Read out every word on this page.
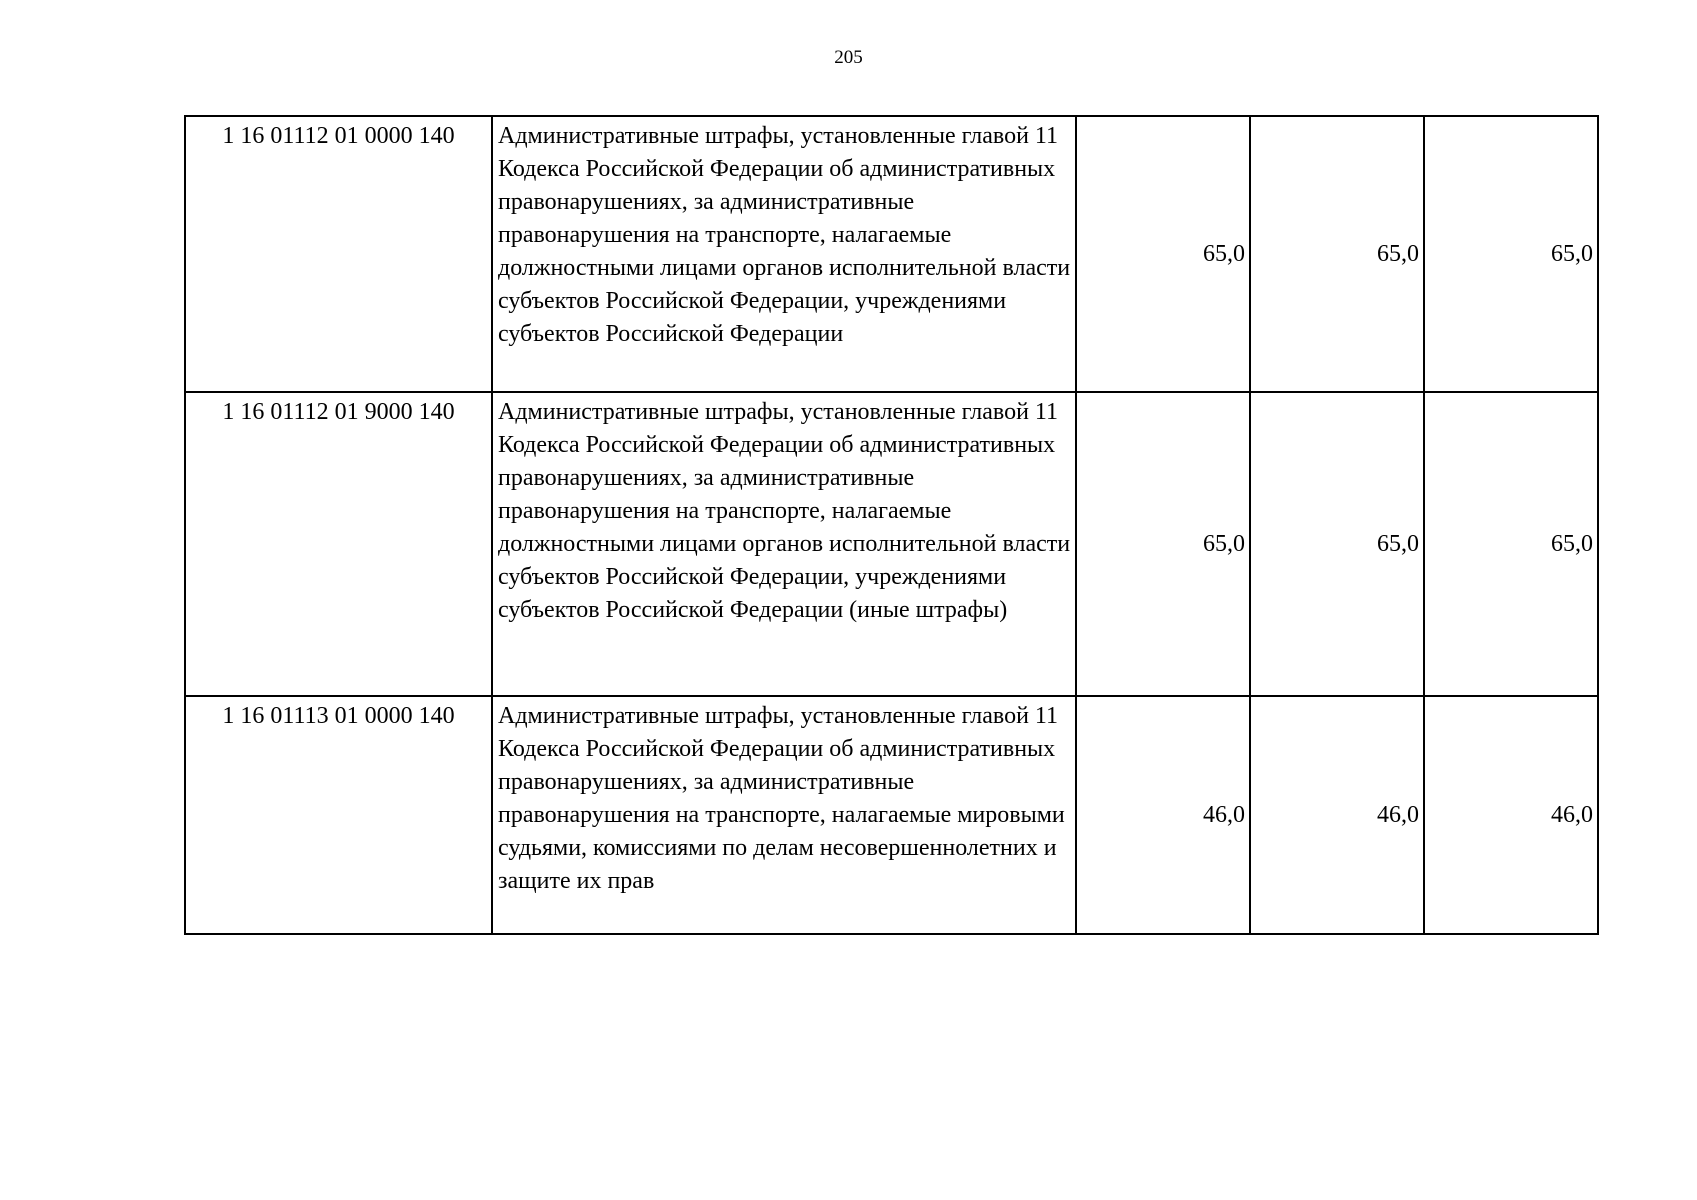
205
1 16 01112 01 0000 140	Административные штрафы, установленные главой 11 Кодекса Российской Федерации об административных правонарушениях, за административные правонарушения на транспорте, налагаемые должностными лицами органов исполнительной власти субъектов Российской Федерации, учреждениями субъектов Российской Федерации	65,0	65,0	65,0
1 16 01112 01 9000 140	Административные штрафы, установленные главой 11 Кодекса Российской Федерации об административных правонарушениях, за административные правонарушения на транспорте, налагаемые должностными лицами органов исполнительной власти субъектов Российской Федерации, учреждениями субъектов Российской Федерации (иные штрафы)	65,0	65,0	65,0
1 16 01113 01 0000 140	Административные штрафы, установленные главой 11 Кодекса Российской Федерации об административных правонарушениях, за административные правонарушения на транспорте, налагаемые мировыми судьями, комиссиями по делам несовершеннолетних и защите их прав	46,0	46,0	46,0
